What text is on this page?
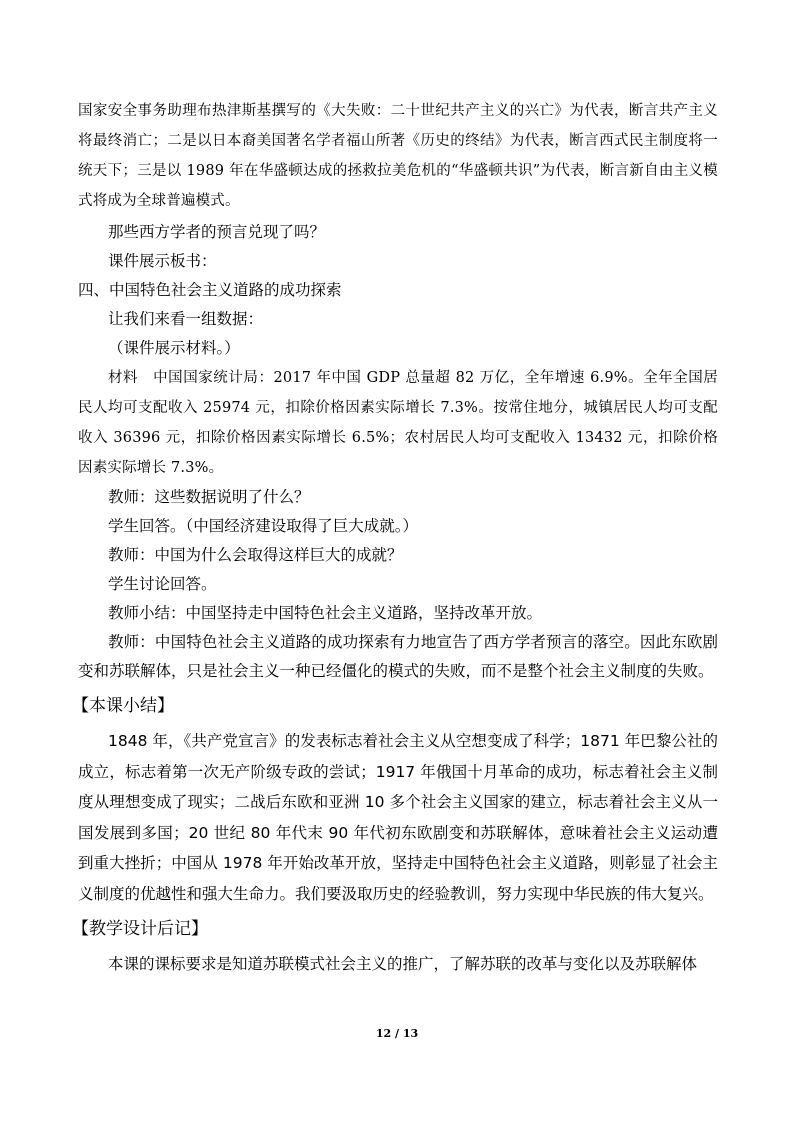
国家安全事务助理布热津斯基撰写的《大失败：二十世纪共产主义的兴亡》为代表，断言共产主义将最终消亡；二是以日本裔美国著名学者福山所著《历史的终结》为代表，断言西式民主制度将一统天下；三是以 1989 年在华盛顿达成的拯救拉美危机的“华盛顿共识”为代表，断言新自由主义模式将成为全球普遍模式。

那些西方学者的预言兑现了吗？

课件展示板书：

四、中国特色社会主义道路的成功探索

让我们来看一组数据：

（课件展示材料。）

材料　中国国家统计局：2017 年中国 GDP 总量超 82 万亿，全年增速 6.9%。全年全国居民人均可支配收入 25974 元，扣除价格因素实际增长 7.3%。按常住地分，城镇居民人均可支配收入 36396 元，扣除价格因素实际增长 6.5%；农村居民人均可支配收入 13432 元，扣除价格因素实际增长 7.3%。

教师：这些数据说明了什么？

学生回答。（中国经济建设取得了巨大成就。）

教师：中国为什么会取得这样巨大的成就？

学生讨论回答。

教师小结：中国坚持走中国特色社会主义道路，坚持改革开放。

教师：中国特色社会主义道路的成功探索有力地宣告了西方学者预言的落空。因此东欧剧变和苏联解体，只是社会主义一种已经僵化的模式的失败，而不是整个社会主义制度的失败。

【本课小结】

1848 年，《共产党宣言》的发表标志着社会主义从空想变成了科学；1871 年巴黎公社的成立，标志着第一次无产阶级专政的尝试；1917 年俄国十月革命的成功，标志着社会主义制度从理想变成了现实；二战后东欧和亚洲 10 多个社会主义国家的建立，标志着社会主义从一国发展到多国；20 世纪 80 年代末 90 年代初东欧剧变和苏联解体，意味着社会主义运动遭到重大挫折；中国从 1978 年开始改革开放，坚持走中国特色社会主义道路，则彰显了社会主义制度的优越性和强大生命力。我们要汲取历史的经验教训，努力实现中华民族的伟大复兴。

【教学设计后记】

本课的课标要求是知道苏联模式社会主义的推广，了解苏联的改革与变化以及苏联解体

12 / 13
